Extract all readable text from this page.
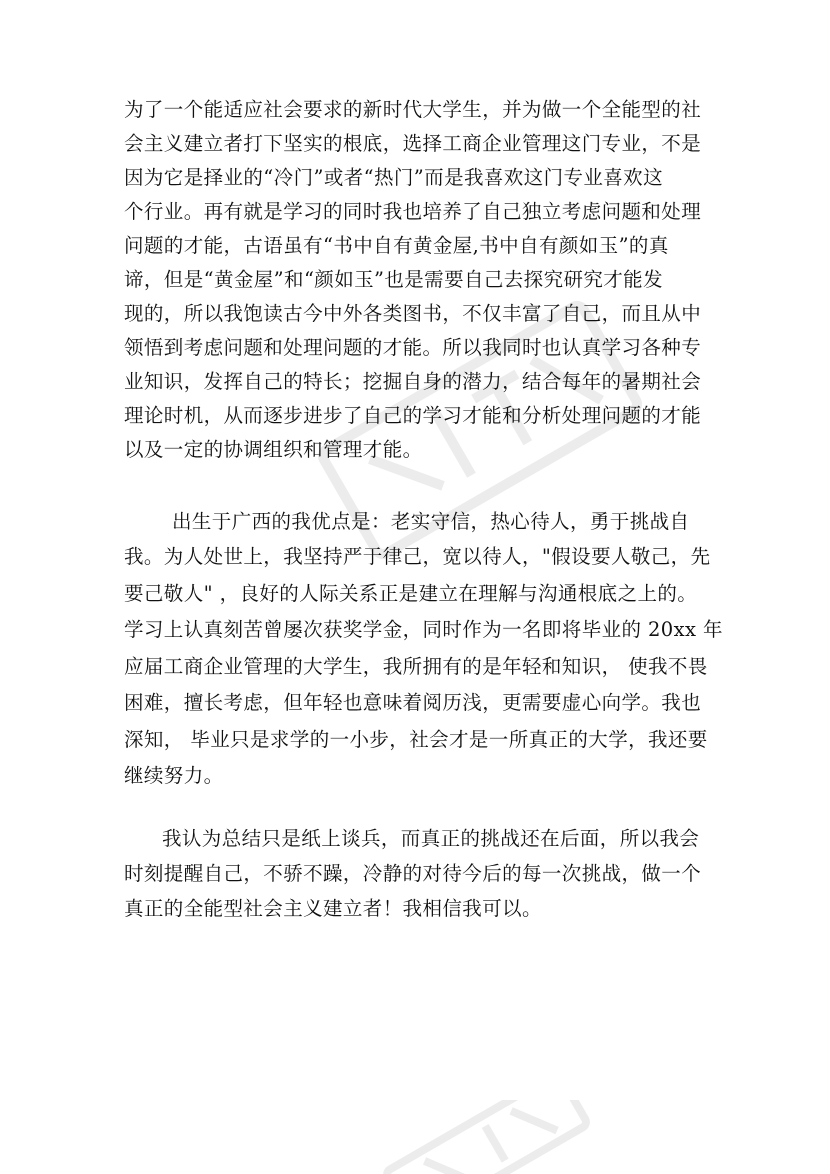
为了一个能适应社会要求的新时代大学生，并为做一个全能型的社
会主义建立者打下坚实的根底，选择工商企业管理这门专业，不是
因为它是择业的“冷门”或者“热门”而是我喜欢这门专业喜欢这
个行业。再有就是学习的同时我也培养了自己独立考虑问题和处理
问题的才能，古语虽有“书中自有黄金屋,书中自有颜如玉”的真
谛，但是“黄金屋”和“颜如玉”也是需要自己去探究研究才能发
现的，所以我饱读古今中外各类图书，不仅丰富了自己，而且从中
领悟到考虑问题和处理问题的才能。所以我同时也认真学习各种专
业知识，发挥自己的特长；挖掘自身的潜力，结合每年的暑期社会
理论时机，从而逐步进步了自己的学习才能和分析处理问题的才能
以及一定的协调组织和管理才能。
出生于广西的我优点是：老实守信，热心待人，勇于挑战自
我。为人处世上，我坚持严于律己，宽以待人，"假设要人敬己，先
要己敬人" ，良好的人际关系正是建立在理解与沟通根底之上的。
学习上认真刻苦曾屡次获奖学金，同时作为一名即将毕业的 20xx 年
应届工商企业管理的大学生，我所拥有的是年轻和知识， 使我不畏
困难，擅长考虑，但年轻也意味着阅历浅，更需要虚心向学。我也
深知， 毕业只是求学的一小步，社会才是一所真正的大学，我还要
继续努力。
我认为总结只是纸上谈兵，而真正的挑战还在后面，所以我会
时刻提醒自己，不骄不躁，冷静的对待今后的每一次挑战，做一个
真正的全能型社会主义建立者！我相信我可以。
